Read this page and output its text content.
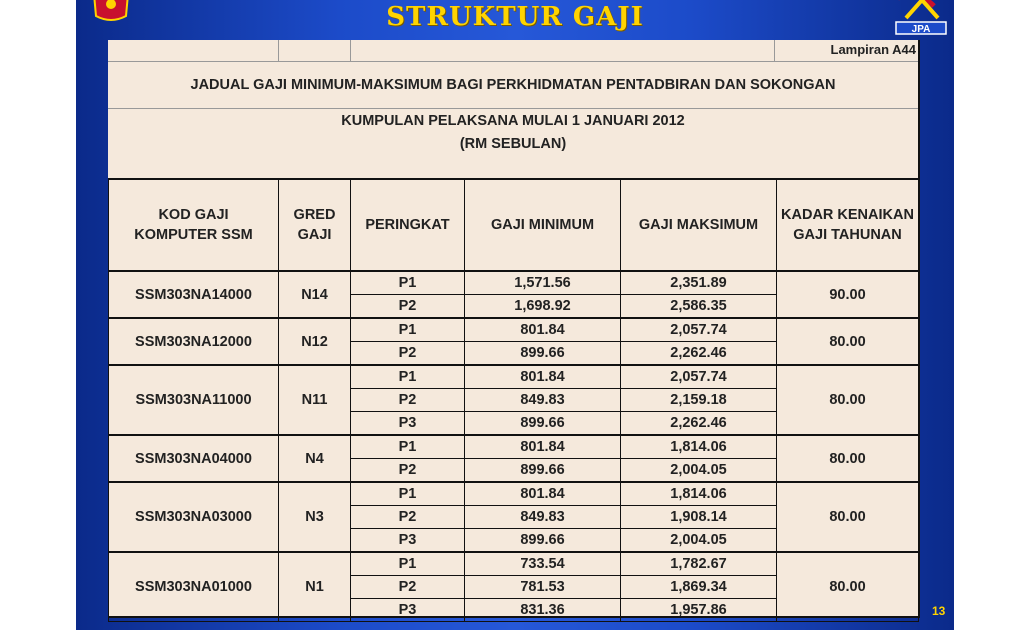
STRUKTUR GAJI	JPA
Lampiran A44
JADUAL GAJI MINIMUM-MAKSIMUM BAGI PERKHIDMATAN PENTADBIRAN DAN SOKONGAN
KUMPULAN PELAKSANA MULAI 1 JANUARI 2012
(RM SEBULAN)
KOD GAJI KOMPUTER SSM	GRED GAJI	PERINGKAT	GAJI MINIMUM	GAJI MAKSIMUM	KADAR KENAIKAN GAJI TAHUNAN
SSM303NA14000	N14	P1	1,571.56	2,351.89	90.00
		P2	1,698.92	2,586.35	
SSM303NA12000	N12	P1	801.84	2,057.74	80.00
		P2	899.66	2,262.46	
SSM303NA11000	N11	P1	801.84	2,057.74	80.00
		P2	849.83	2,159.18	
		P3	899.66	2,262.46	
SSM303NA04000	N4	P1	801.84	1,814.06	80.00
		P2	899.66	2,004.05	
SSM303NA03000	N3	P1	801.84	1,814.06	80.00
		P2	849.83	1,908.14	
		P3	899.66	2,004.05	
SSM303NA01000	N1	P1	733.54	1,782.67	80.00
		P2	781.53	1,869.34	
		P3	831.36	1,957.86		13
